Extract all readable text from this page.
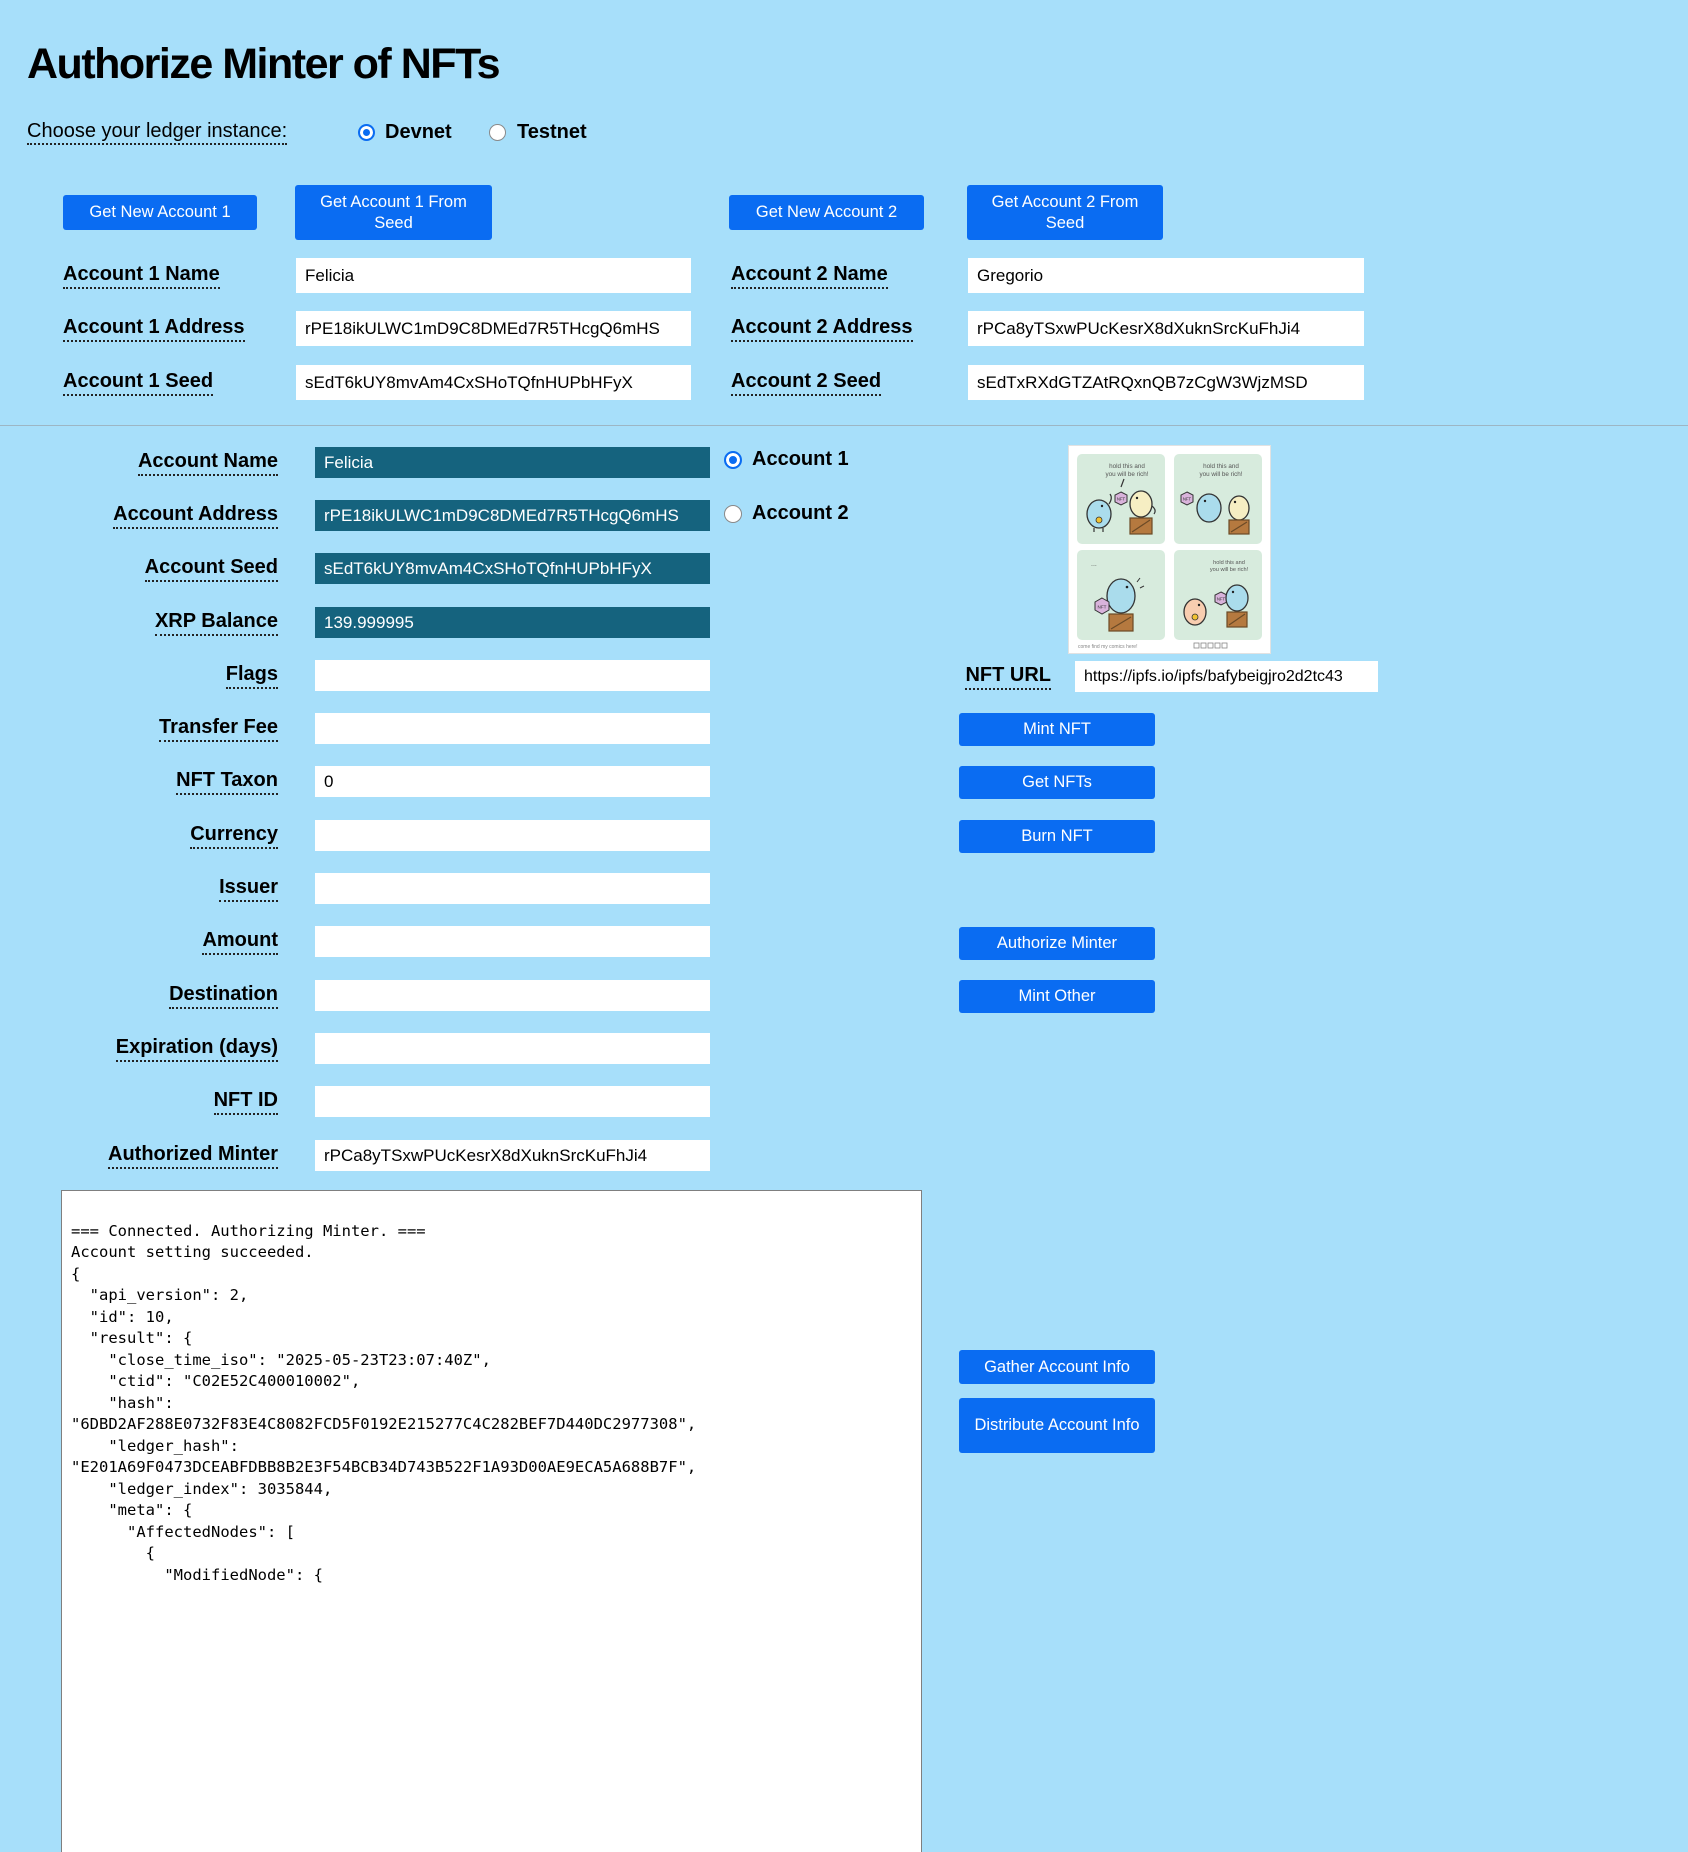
Authorize Minter of NFTs
Choose your ledger instance:	Devnet	Testnet
Get New Account 1
Get Account 1 From Seed
Get New Account 2
Get Account 2 From Seed
Account 1 Name
Felicia
Account 1 Address
rPE18ikULWC1mD9C8DMEd7R5THcgQ6mHS
Account 1 Seed
sEdT6kUY8mvAm4CxSHoTQfnHUPbHFyX
Account 2 Name
Gregorio
Account 2 Address
rPCa8yTSxwPUcKesrX8dXuknSrcKuFhJi4
Account 2 Seed
sEdTxRXdGTZAtRQxnQB7zCgW3WjzMSD
Account Name
Felicia
Account Address
rPE18ikULWC1mD9C8DMEd7R5THcgQ6mHS
Account Seed
sEdT6kUY8mvAm4CxSHoTQfnHUPbHFyX
XRP Balance
139.999995
Flags
Transfer Fee
NFT Taxon
0
Currency
Issuer
Amount
Destination
Expiration (days)
NFT ID
Authorized Minter
rPCa8yTSxwPUcKesrX8dXuknSrcKuFhJi4
Account 1
Account 2
hold this and
you will be rich!
NFT
hold this and
you will be rich!
NFT
...
NFT
hold this and
you will be rich!
NFT
come find my comics here!
NFT URL
https://ipfs.io/ipfs/bafybeigjro2d2tc43
Mint NFT
Get NFTs
Burn NFT
Authorize Minter
Mint Other
Gather Account Info
Distribute Account Info
=== Connected. Authorizing Minter. === Account setting succeeded. { "api_version": 2, "id": 10, "result": { "close_time_iso": "2025-05-23T23:07:40Z", "ctid": "C02E52C400010002", "hash": "6DBD2AF288E0732F83E4C8082FCD5F0192E215277C4C282BEF7D440DC2977308", "ledger_hash": "E201A69F0473DCEABFDBB8B2E3F54BCB34D743B522F1A93D00AE9ECA5A688B7F", "ledger_index": 3035844, "meta": { "AffectedNodes": [ { "ModifiedNode": {
